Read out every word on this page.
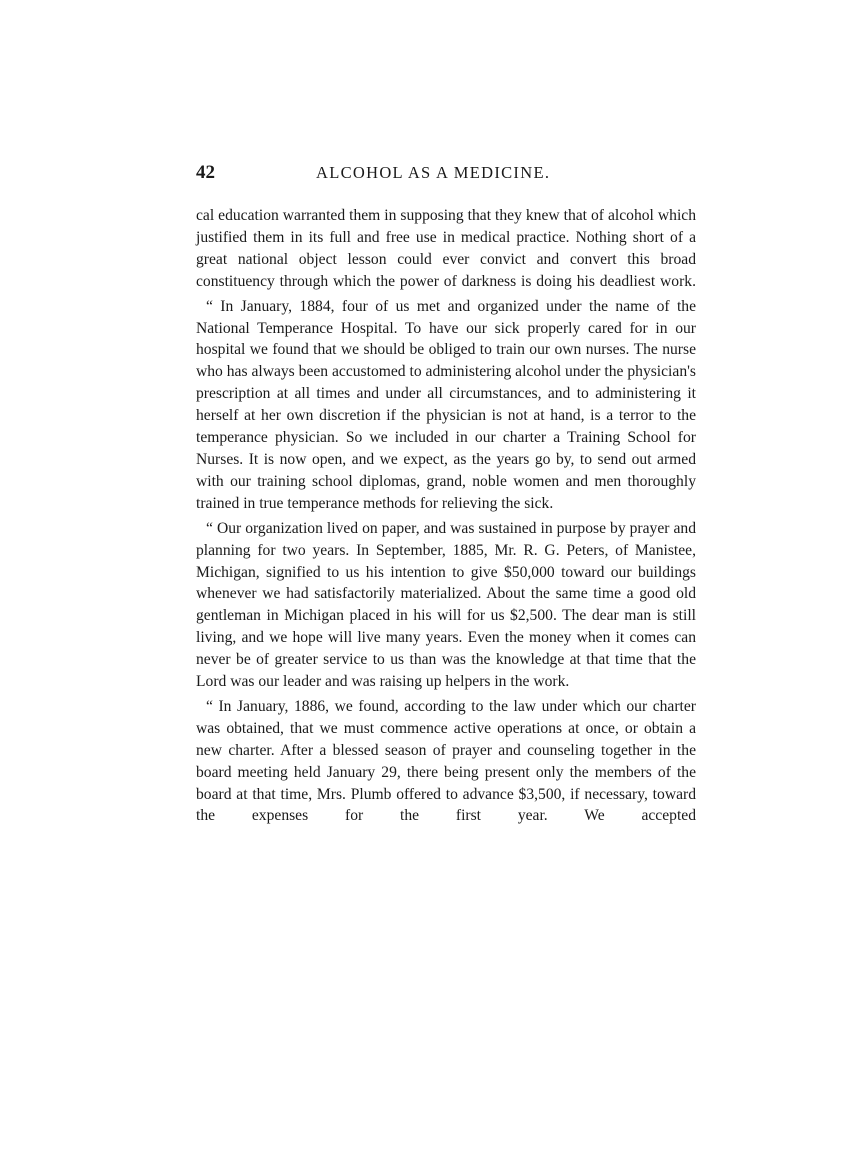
42	ALCOHOL AS A MEDICINE.

cal education warranted them in supposing that they knew that of alcohol which justified them in its full and free use in medical practice. Nothing short of a great national object lesson could ever convict and convert this broad constituency through which the power of darkness is doing his deadliest work.

“ In January, 1884, four of us met and organized under the name of the National Temperance Hospital. To have our sick properly cared for in our hospital we found that we should be obliged to train our own nurses. The nurse who has always been accustomed to administering alcohol under the physician's prescription at all times and under all circumstances, and to administering it herself at her own discretion if the physician is not at hand, is a terror to the temperance physician. So we included in our charter a Training School for Nurses. It is now open, and we expect, as the years go by, to send out armed with our training school diplomas, grand, noble women and men thoroughly trained in true temperance methods for relieving the sick.

“ Our organization lived on paper, and was sustained in purpose by prayer and planning for two years. In September, 1885, Mr. R. G. Peters, of Manistee, Michigan, signified to us his intention to give $50,000 toward our buildings whenever we had satisfactorily materialized. About the same time a good old gentleman in Michigan placed in his will for us $2,500. The dear man is still living, and we hope will live many years. Even the money when it comes can never be of greater service to us than was the knowledge at that time that the Lord was our leader and was raising up helpers in the work.

“ In January, 1886, we found, according to the law under which our charter was obtained, that we must commence active operations at once, or obtain a new charter. After a blessed season of prayer and counseling together in the board meeting held January 29, there being present only the members of the board at that time, Mrs. Plumb offered to advance $3,500, if necessary, toward the expenses for the first year. We accepted
